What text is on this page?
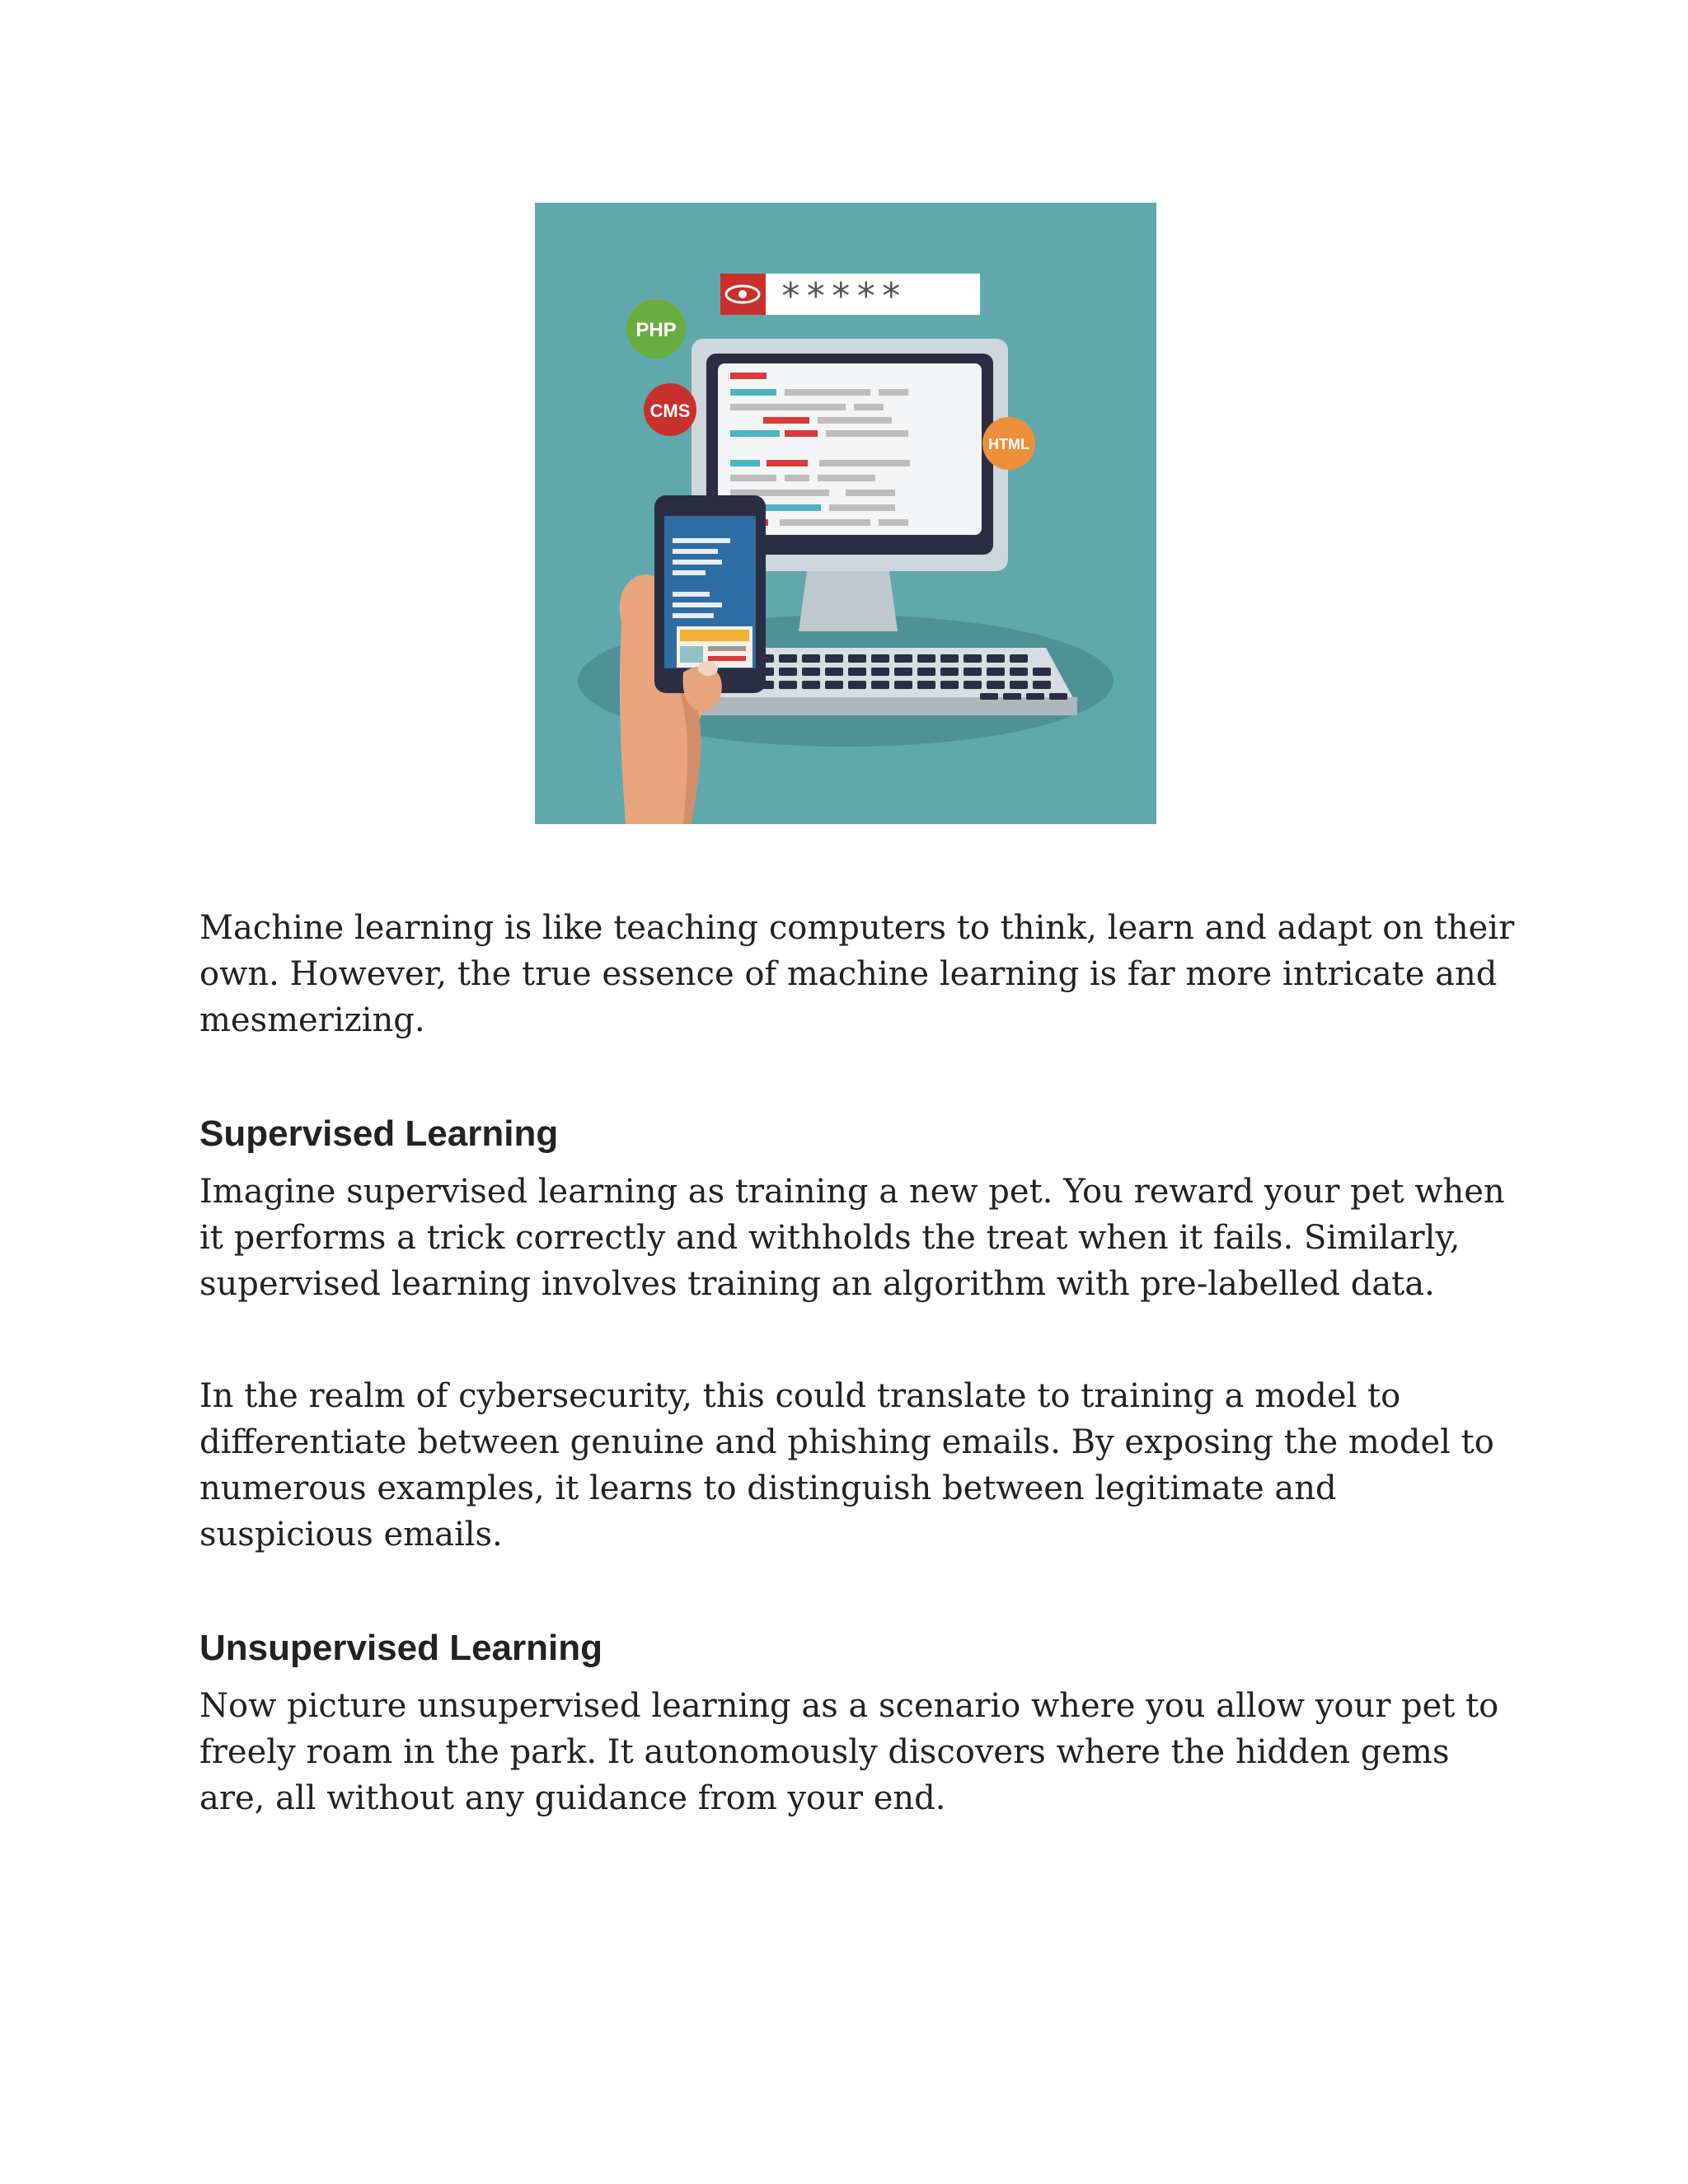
*****
PHP
CMS
HTML

Machine learning is like teaching computers to think, learn and adapt on their own. However, the true essence of machine learning is far more intricate and mesmerizing.

Supervised Learning

Imagine supervised learning as training a new pet. You reward your pet when it performs a trick correctly and withholds the treat when it fails. Similarly, supervised learning involves training an algorithm with pre-labelled data.

In the realm of cybersecurity, this could translate to training a model to differentiate between genuine and phishing emails. By exposing the model to numerous examples, it learns to distinguish between legitimate and suspicious emails.

Unsupervised Learning

Now picture unsupervised learning as a scenario where you allow your pet to freely roam in the park. It autonomously discovers where the hidden gems are, all without any guidance from your end.
